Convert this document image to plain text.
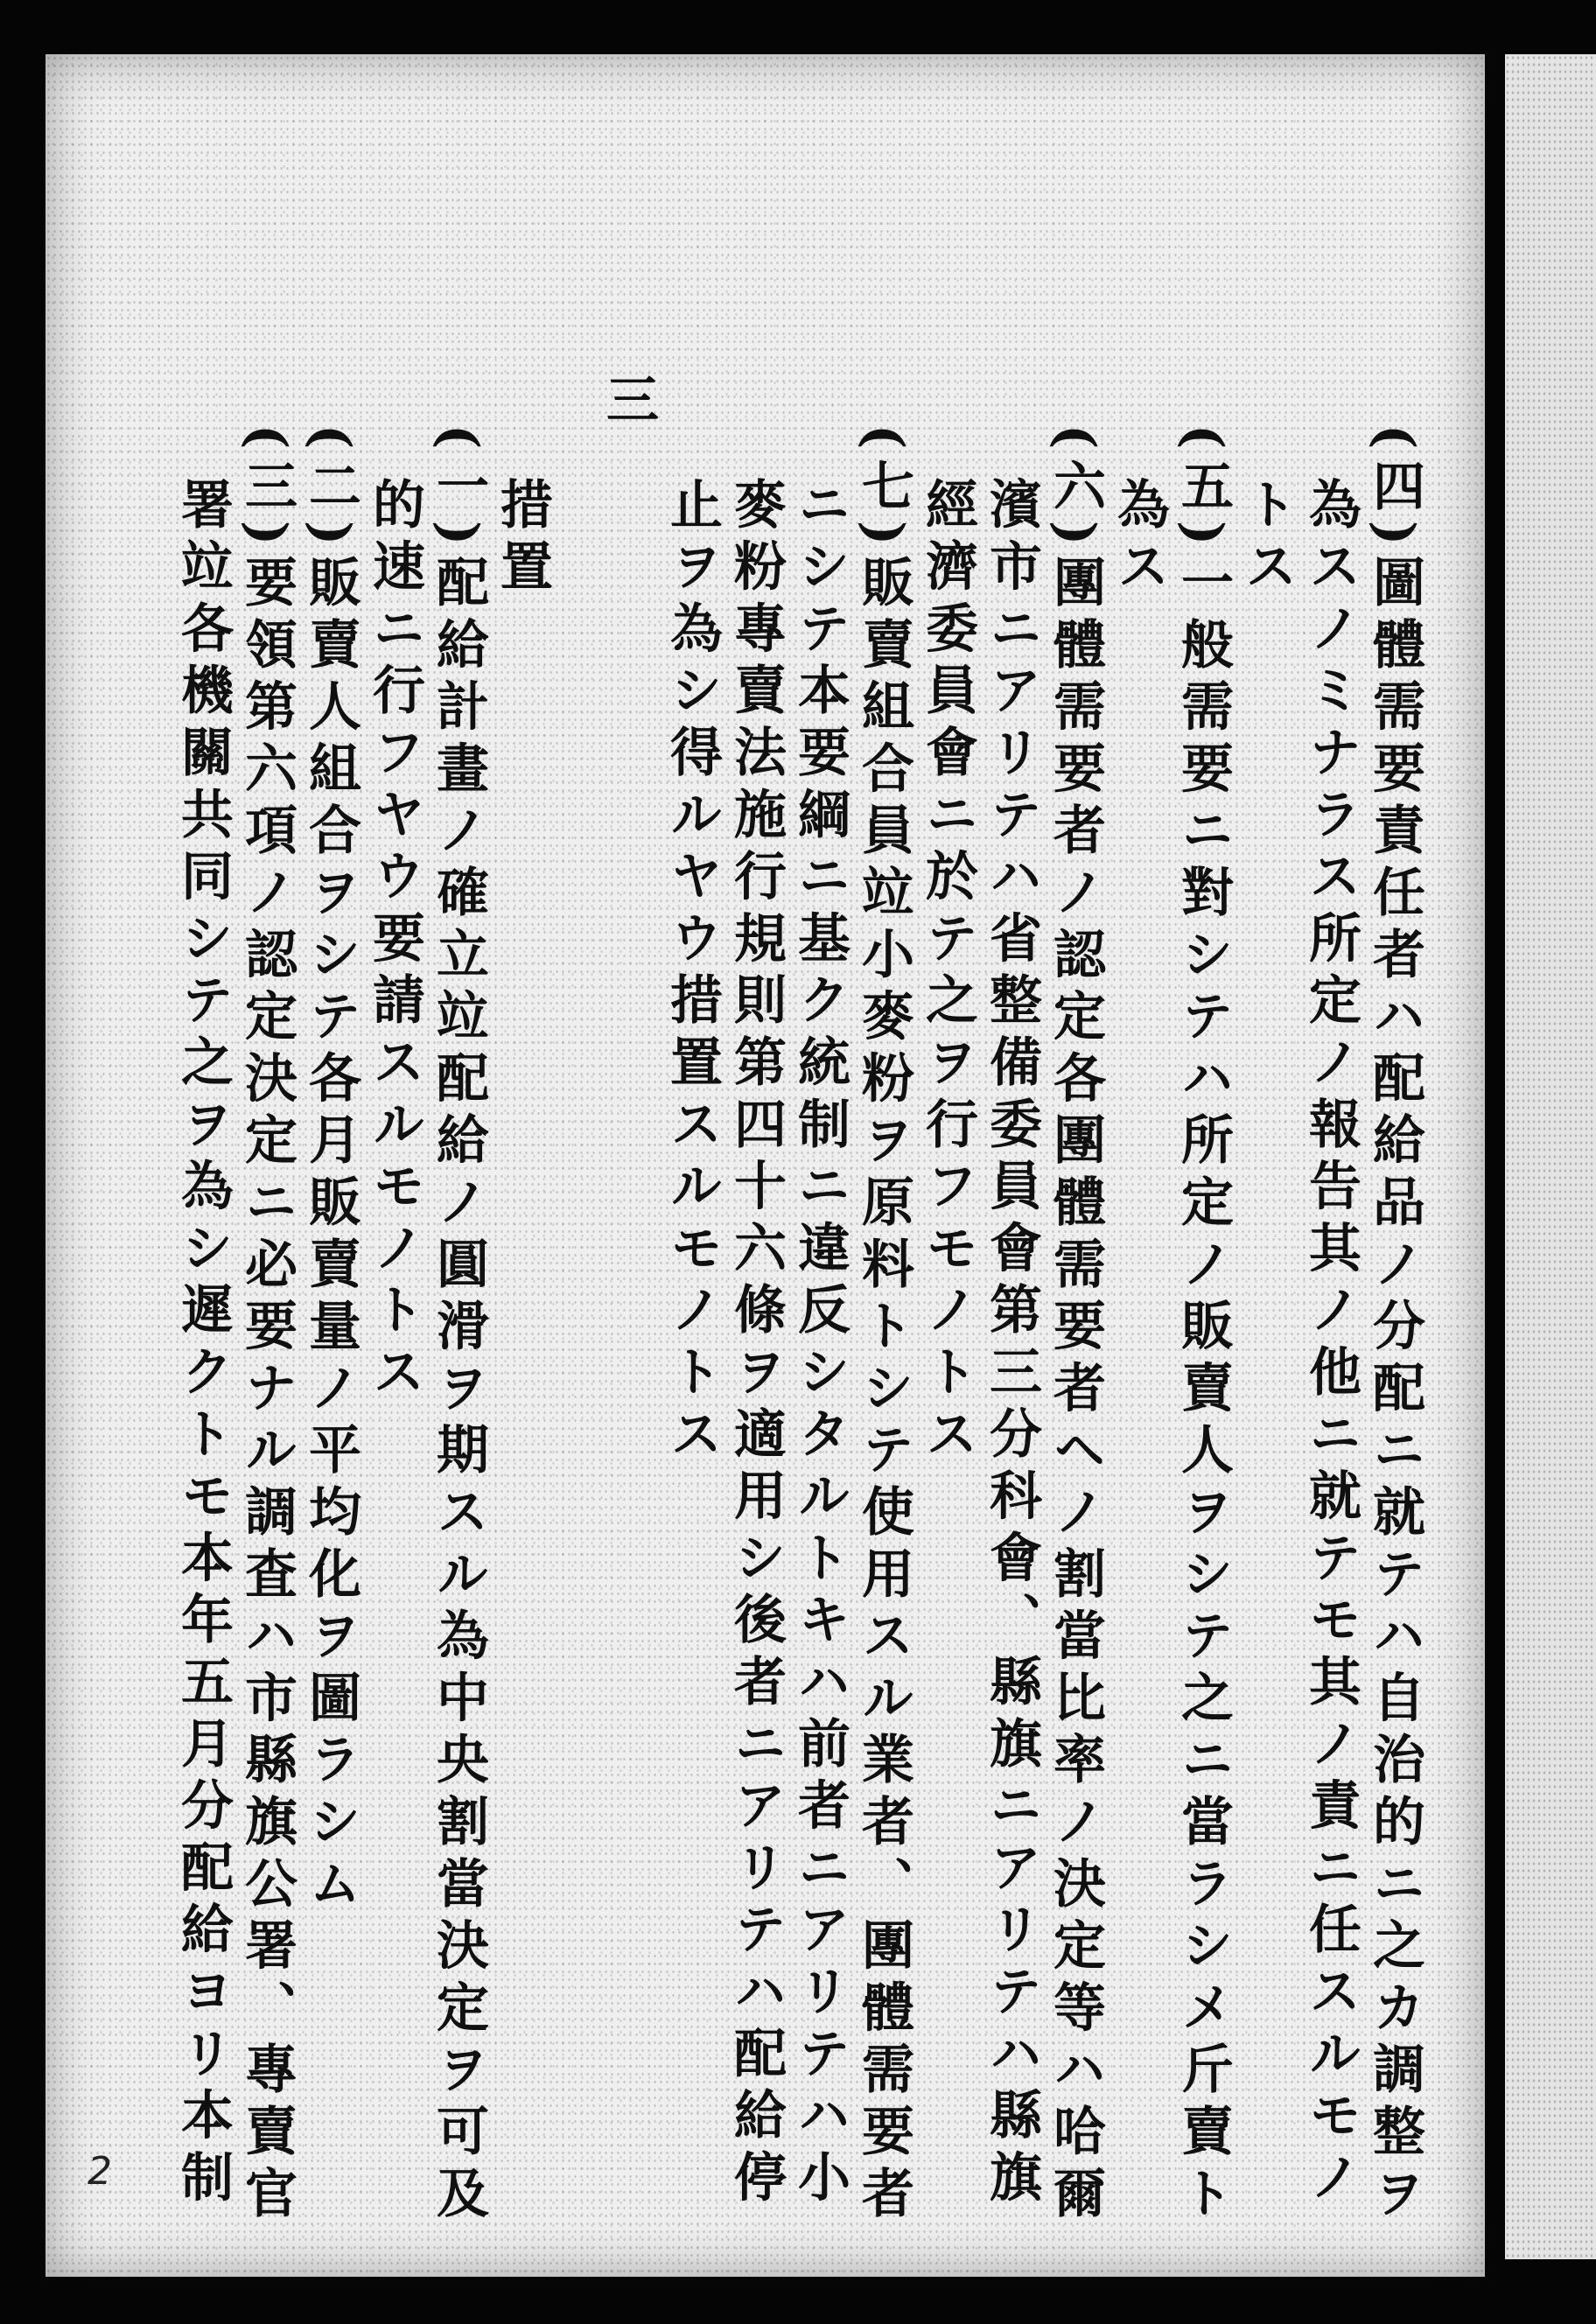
(四)圖體需要責任者ハ配給品ノ分配ニ就テハ自治的ニ之カ調整ヲ
為スノミナラス所定ノ報告其ノ他ニ就テモ其ノ責ニ任スルモノ
トス
(五)一般需要ニ對シテハ所定ノ販賣人ヲシテ之ニ當ラシメ斤賣ト
為ス
(六)團體需要者ノ認定各團體需要者ヘノ割當比率ノ決定等ハ哈爾
濱市ニアリテハ省整備委員會第三分科會、縣旗ニアリテハ縣旗
經濟委員會ニ於テ之ヲ行フモノトス
(七)販賣組合員竝小麥粉ヲ原料トシテ使用スル業者、團體需要者
ニシテ本要綱ニ基ク統制ニ違反シタルトキハ前者ニアリテハ小
麥粉專賣法施行規則第四十六條ヲ適用シ後者ニアリテハ配給停
止ヲ為シ得ルヤウ措置スルモノトス
三
措置
(一)配給計畫ノ確立竝配給ノ圓滑ヲ期スル為中央割當決定ヲ可及
的速ニ行フヤウ要請スルモノトス
(二)販賣人組合ヲシテ各月販賣量ノ平均化ヲ圖ラシム
(三)要領第六項ノ認定決定ニ必要ナル調査ハ市縣旗公署、專賣官
署竝各機關共同シテ之ヲ為シ遲クトモ本年五月分配給ヨリ本制
2
